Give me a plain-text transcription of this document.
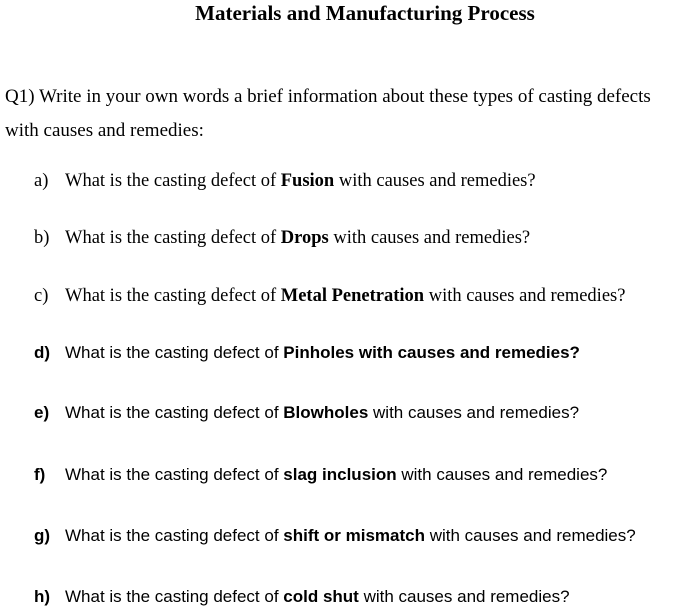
Materials and Manufacturing Process
Q1) Write in your own words a brief information about these types of casting defects
with causes and remedies:
a) What is the casting defect of Fusion with causes and remedies?
b) What is the casting defect of Drops with causes and remedies?
c) What is the casting defect of Metal Penetration with causes and remedies?
d) What is the casting defect of Pinholes with causes and remedies?
e) What is the casting defect of Blowholes with causes and remedies?
f) What is the casting defect of slag inclusion with causes and remedies?
g) What is the casting defect of shift or mismatch with causes and remedies?
h) What is the casting defect of cold shut with causes and remedies?
